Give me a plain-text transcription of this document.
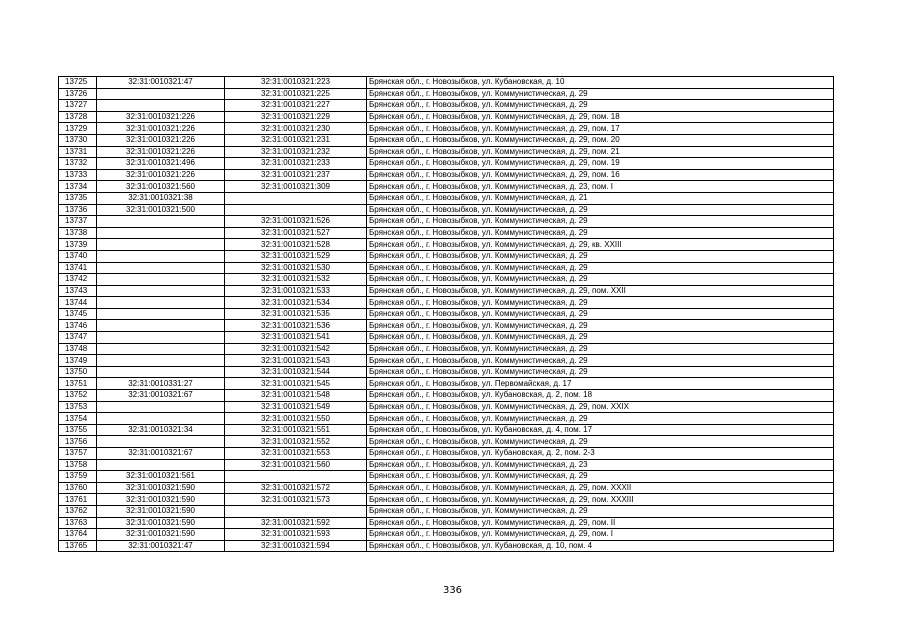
13725	32:31:0010321:47	32:31:0010321:223	Брянская обл., г. Новозыбков, ул. Кубановская, д. 10
13726		32:31:0010321:225	Брянская обл., г. Новозыбков, ул. Коммунистическая, д. 29
13727		32:31:0010321:227	Брянская обл., г. Новозыбков, ул. Коммунистическая, д. 29
13728	32:31:0010321:226	32:31:0010321:229	Брянская обл., г. Новозыбков, ул. Коммунистическая, д. 29, пом. 18
13729	32:31:0010321:226	32:31:0010321:230	Брянская обл., г. Новозыбков, ул. Коммунистическая, д. 29, пом. 17
13730	32:31:0010321:226	32:31:0010321:231	Брянская обл., г. Новозыбков, ул. Коммунистическая, д. 29, пом. 20
13731	32:31:0010321:226	32:31:0010321:232	Брянская обл., г. Новозыбков, ул. Коммунистическая, д. 29, пом. 21
13732	32:31:0010321:496	32:31:0010321:233	Брянская обл., г. Новозыбков, ул. Коммунистическая, д. 29, пом. 19
13733	32:31:0010321:226	32:31:0010321:237	Брянская обл., г. Новозыбков, ул. Коммунистическая, д. 29, пом. 16
13734	32:31:0010321:560	32:31:0010321:309	Брянская обл., г. Новозыбков, ул. Коммунистическая, д. 23, пом. I
13735	32:31:0010321:38		Брянская обл., г. Новозыбков, ул. Коммунистическая, д. 21
13736	32:31:0010321:500		Брянская обл., г. Новозыбков, ул. Коммунистическая, д. 29
13737		32:31:0010321:526	Брянская обл., г. Новозыбков, ул. Коммунистическая, д. 29
13738		32:31:0010321:527	Брянская обл., г. Новозыбков, ул. Коммунистическая, д. 29
13739		32:31:0010321:528	Брянская обл., г. Новозыбков, ул. Коммунистическая, д. 29, кв. XXIII
13740		32:31:0010321:529	Брянская обл., г. Новозыбков, ул. Коммунистическая, д. 29
13741		32:31:0010321:530	Брянская обл., г. Новозыбков, ул. Коммунистическая, д. 29
13742		32:31:0010321:532	Брянская обл., г. Новозыбков, ул. Коммунистическая, д. 29
13743		32:31:0010321:533	Брянская обл., г. Новозыбков, ул. Коммунистическая, д. 29, пом. XXII
13744		32:31:0010321:534	Брянская обл., г. Новозыбков, ул. Коммунистическая, д. 29
13745		32:31:0010321:535	Брянская обл., г. Новозыбков, ул. Коммунистическая, д. 29
13746		32:31:0010321:536	Брянская обл., г. Новозыбков, ул. Коммунистическая, д. 29
13747		32:31:0010321:541	Брянская обл., г. Новозыбков, ул. Коммунистическая, д. 29
13748		32:31:0010321:542	Брянская обл., г. Новозыбков, ул. Коммунистическая, д. 29
13749		32:31:0010321:543	Брянская обл., г. Новозыбков, ул. Коммунистическая, д. 29
13750		32:31:0010321:544	Брянская обл., г. Новозыбков, ул. Коммунистическая, д. 29
13751	32:31:0010331:27	32:31:0010321:545	Брянская обл., г. Новозыбков, ул. Первомайская, д. 17
13752	32:31:0010321:67	32:31:0010321:548	Брянская обл., г. Новозыбков, ул. Кубановская, д. 2, пом. 18
13753		32:31:0010321:549	Брянская обл., г. Новозыбков, ул. Коммунистическая, д. 29, пом. XXIX
13754		32:31:0010321:550	Брянская обл., г. Новозыбков, ул. Коммунистическая, д. 29
13755	32:31:0010321:34	32:31:0010321:551	Брянская обл., г. Новозыбков, ул. Кубановская, д. 4, пом. 17
13756		32:31:0010321:552	Брянская обл., г. Новозыбков, ул. Коммунистическая, д. 29
13757	32:31:0010321:67	32:31:0010321:553	Брянская обл., г. Новозыбков, ул. Кубановская, д. 2, пом. 2-3
13758		32:31:0010321:560	Брянская обл., г. Новозыбков, ул. Коммунистическая, д. 23
13759	32:31:0010321:561		Брянская обл., г. Новозыбков, ул. Коммунистическая, д. 29
13760	32:31:0010321:590	32:31:0010321:572	Брянская обл., г. Новозыбков, ул. Коммунистическая, д. 29, пом. XXXII
13761	32:31:0010321:590	32:31:0010321:573	Брянская обл., г. Новозыбков, ул. Коммунистическая, д. 29, пом. XXXIII
13762	32:31:0010321:590		Брянская обл., г. Новозыбков, ул. Коммунистическая, д. 29
13763	32:31:0010321:590	32:31:0010321:592	Брянская обл., г. Новозыбков, ул. Коммунистическая, д. 29, пом. II
13764	32:31:0010321:590	32:31:0010321:593	Брянская обл., г. Новозыбков, ул. Коммунистическая, д. 29, пом. I
13765	32:31:0010321:47	32:31:0010321:594	Брянская обл., г. Новозыбков, ул. Кубановская, д. 10, пом. 4
336
